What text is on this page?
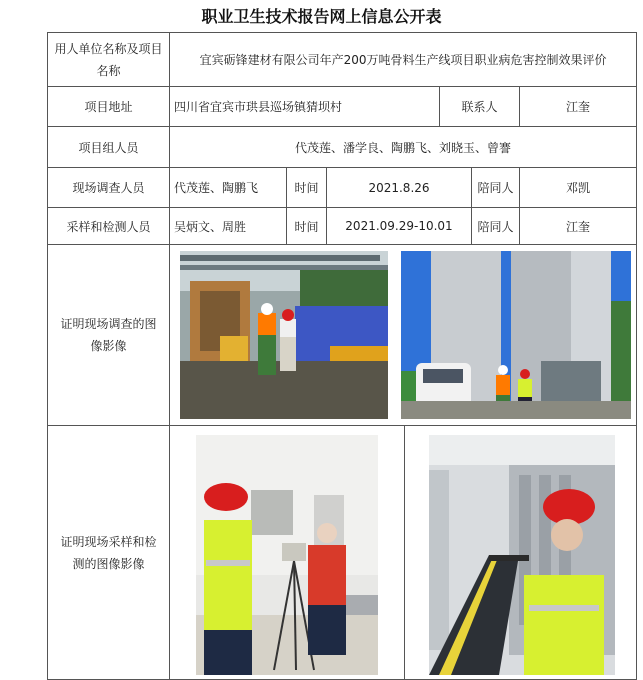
职业卫生技术报告网上信息公开表
用人单位名称及项目名称	宜宾砺锋建材有限公司年产200万吨骨料生产线项目职业病危害控制效果评价					
项目地址	四川省宜宾市珙县巡场镇猜坝村			联系人		江奎
项目组人员	代茂莲、潘学良、陶鹏飞、刘晓玉、曾謇					
现场调查人员	代茂莲、陶鹏飞	时间	2021.8.26		陪同人	邓凯
采样和检测人员	吴炳文、周胜	时间	2021.09.29-10.01		陪同人	江奎
证明现场调查的图像影像	

证明现场采样和检测的图像影像	
